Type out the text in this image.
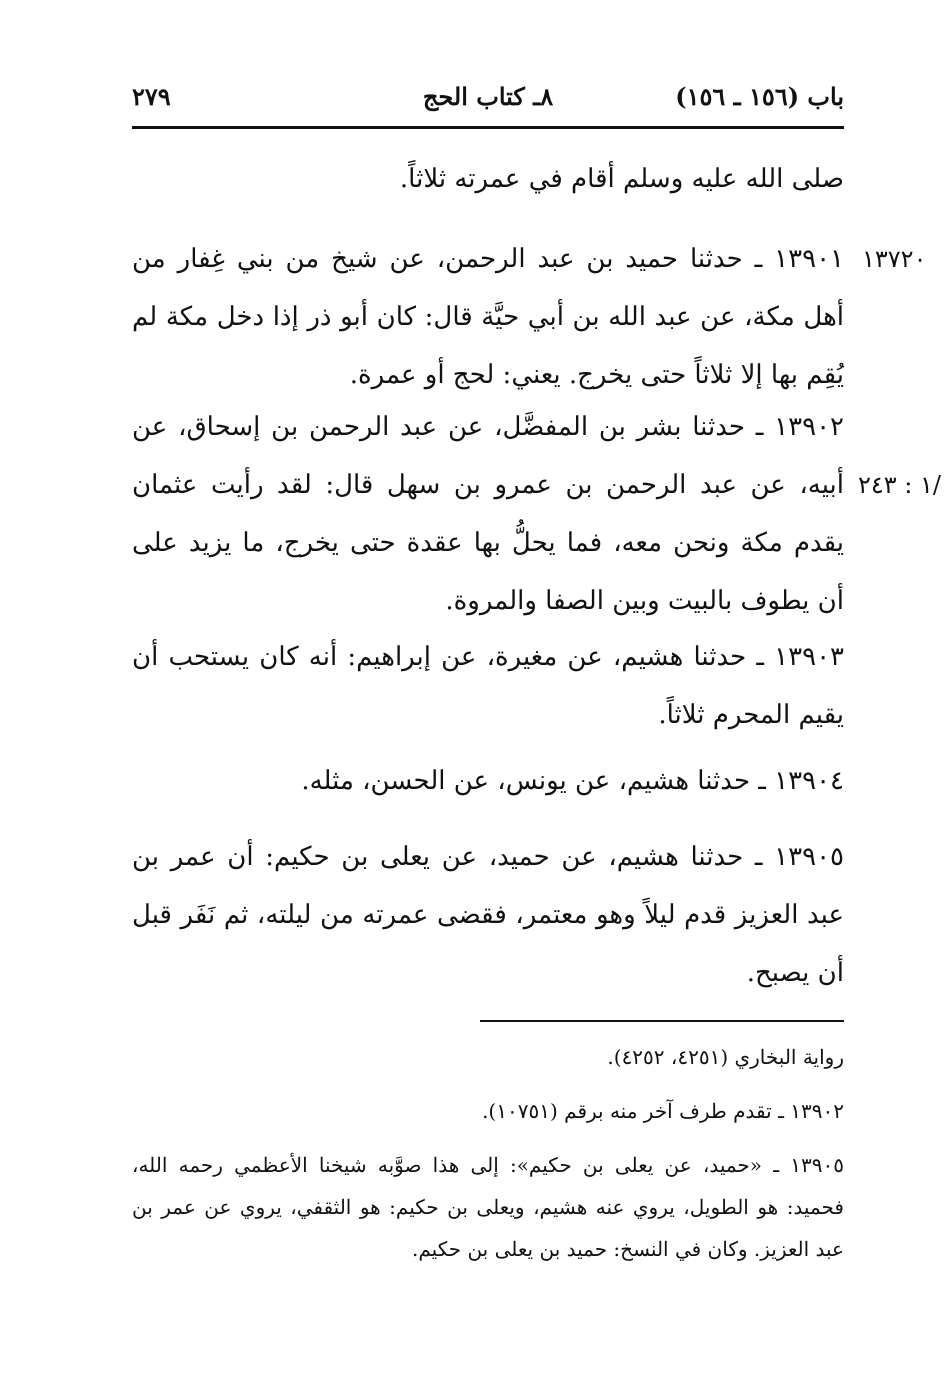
باب (١٥٦ ـ ١٥٦)
٨ـ كتاب الحج
٢٧٩
صلى الله عليه وسلم أقام في عمرته ثلاثاً.
١٣٧٢٠
١٣٩٠١ ـ حدثنا حميد بن عبد الرحمن، عن شيخ من بني غِفار من أهل مكة، عن عبد الله بن أبي حيَّة قال: كان أبو ذر إذا دخل مكة لم يُقِم بها إلا ثلاثاً حتى يخرج. يعني: لحج أو عمرة.
/١ : ٢٤٣
١٣٩٠٢ ـ حدثنا بشر بن المفضَّل، عن عبد الرحمن بن إسحاق، عن أبيه، عن عبد الرحمن بن عمرو بن سهل قال: لقد رأيت عثمان يقدم مكة ونحن معه، فما يحلُّ بها عقدة حتى يخرج، ما يزيد على أن يطوف بالبيت وبين الصفا والمروة.
١٣٩٠٣ ـ حدثنا هشيم، عن مغيرة، عن إبراهيم: أنه كان يستحب أن يقيم المحرم ثلاثاً.
١٣٩٠٤ ـ حدثنا هشيم، عن يونس، عن الحسن، مثله.
١٣٩٠٥ ـ حدثنا هشيم، عن حميد، عن يعلى بن حكيم: أن عمر بن عبد العزيز قدم ليلاً وهو معتمر، فقضى عمرته من ليلته، ثم نَفَر قبل أن يصبح.
رواية البخاري (٤٢٥١، ٤٢٥٢).
١٣٩٠٢ ـ تقدم طرف آخر منه برقم (١٠٧٥١).
١٣٩٠٥ ـ «حميد، عن يعلى بن حكيم»: إلى هذا صوَّبه شيخنا الأعظمي رحمه الله، فحميد: هو الطويل، يروي عنه هشيم، ويعلى بن حكيم: هو الثقفي، يروي عن عمر بن عبد العزيز. وكان في النسخ: حميد بن يعلى بن حكيم.
